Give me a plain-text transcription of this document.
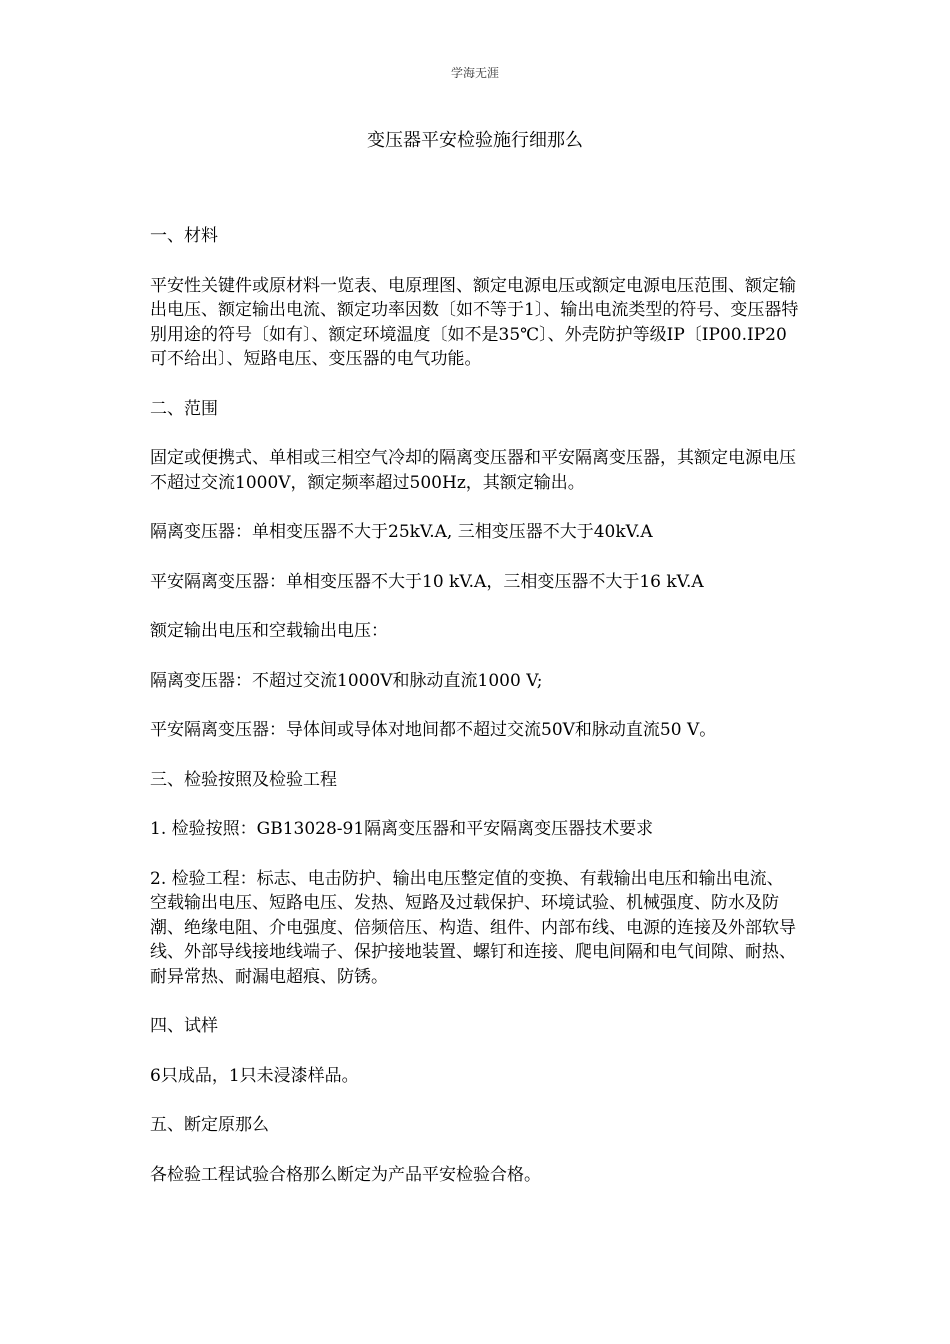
学海无涯
变压器平安检验施行细那么

一、材料

平安性关键件或原材料一览表、电原理图、额定电源电压或额定电源电压范围、额定输出电压、额定输出电流、额定功率因数〔如不等于1〕、输出电流类型的符号、变压器特别用途的符号〔如有〕、额定环境温度〔如不是35℃〕、外壳防护等级IP〔IP00.IP20可不给出〕、短路电压、变压器的电气功能。

二、范围

固定或便携式、单相或三相空气冷却的隔离变压器和平安隔离变压器，其额定电源电压不超过交流1000V，额定频率超过500Hz，其额定输出。

隔离变压器：单相变压器不大于25kV.A, 三相变压器不大于40kV.A

平安隔离变压器：单相变压器不大于10 kV.A，三相变压器不大于16 kV.A

额定输出电压和空载输出电压：

隔离变压器：不超过交流1000V和脉动直流1000 V;

平安隔离变压器：导体间或导体对地间都不超过交流50V和脉动直流50 V。

三、检验按照及检验工程

1. 检验按照：GB13028-91隔离变压器和平安隔离变压器技术要求

2. 检验工程：标志、电击防护、输出电压整定值的变换、有载输出电压和输出电流、空载输出电压、短路电压、发热、短路及过载保护、环境试验、机械强度、防水及防潮、绝缘电阻、介电强度、倍频倍压、构造、组件、内部布线、电源的连接及外部软导线、外部导线接地线端子、保护接地装置、螺钉和连接、爬电间隔和电气间隙、耐热、耐异常热、耐漏电超痕、防锈。

四、试样

6只成品，1只未浸漆样品。

五、断定原那么

各检验工程试验合格那么断定为产品平安检验合格。
